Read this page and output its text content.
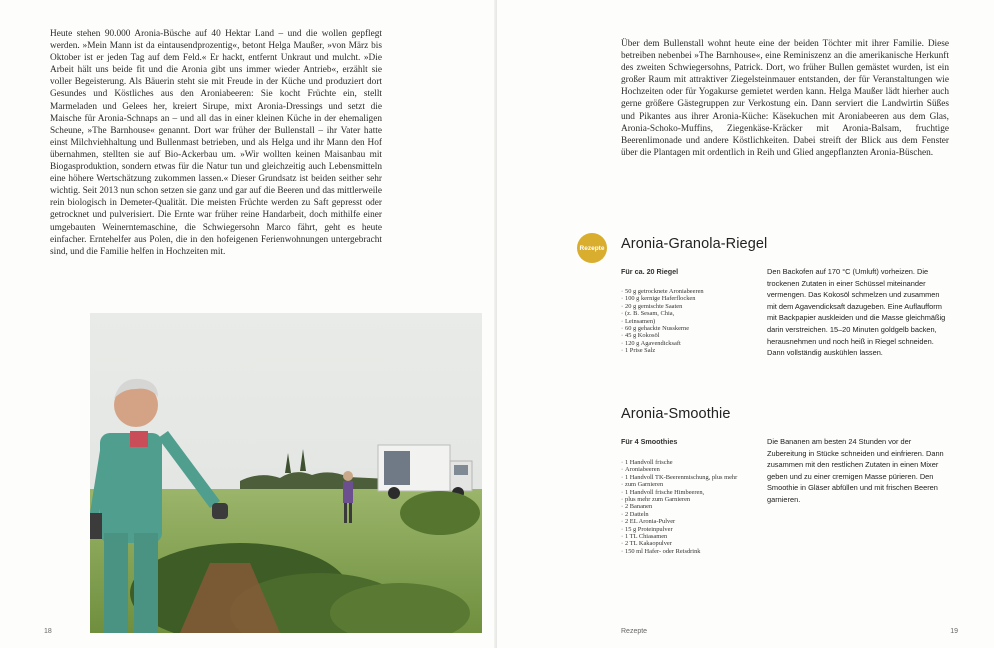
Heute stehen 90.000 Aronia-Büsche auf 40 Hektar Land – und die wollen gepflegt werden. »Mein Mann ist da eintausendprozentig«, betont Helga Maußer, »von März bis Oktober ist er jeden Tag auf dem Feld.« Er hackt, entfernt Unkraut und mulcht. »Die Arbeit hält uns beide fit und die Aronia gibt uns immer wieder Antrieb«, erzählt sie voller Begeisterung. Als Bäuerin steht sie mit Freude in der Küche und produziert dort Gesundes und Köstliches aus den Aroniabeeren: Sie kocht Früchte ein, stellt Marmeladen und Gelees her, kreiert Sirupe, mixt Aronia-Dressings und setzt die Maische für Aronia-Schnaps an – und all das in einer kleinen Küche in der ehemaligen Scheune, »The Barnhouse« genannt. Dort war früher der Bullenstall – ihr Vater hatte einst Milchviehhaltung und Bullenmast betrieben, und als Helga und ihr Mann den Hof übernahmen, stellten sie auf Bio-Ackerbau um. »Wir wollten keinen Maisanbau mit Biogasproduktion, sondern etwas für die Natur tun und gleichzeitig auch Lebensmitteln eine höhere Wertschätzung zukommen lassen.« Dieser Grundsatz ist beiden seither sehr wichtig. Seit 2013 nun schon setzen sie ganz und gar auf die Beeren und das mittlerweile rein biologisch in Demeter-Qualität. Die meisten Früchte werden zu Saft gepresst oder getrocknet und pulverisiert. Die Ernte war früher reine Handarbeit, doch mithilfe einer umgebauten Weinerntemaschine, die Schwiegersohn Marco fährt, geht es heute einfacher. Erntehelfer aus Polen, die in den hofeigenen Ferienwohnungen untergebracht sind, und die Familie helfen in Hochzeiten mit.

18

Über dem Bullenstall wohnt heute eine der beiden Töchter mit ihrer Familie. Diese betreiben nebenbei »The Barnhouse«, eine Reminiszenz an die amerikanische Herkunft des zweiten Schwiegersohns, Patrick. Dort, wo früher Bullen gemästet wurden, ist ein großer Raum mit attraktiver Ziegelsteinmauer entstanden, der für Veranstaltungen wie Hochzeiten oder für Yogakurse gemietet werden kann. Helga Maußer lädt hierher auch gerne größere Gästegruppen zur Verkostung ein. Dann serviert die Landwirtin Süßes und Pikantes aus ihrer Aronia-Küche: Käsekuchen mit Aroniabeeren aus dem Glas, Aronia-Schoko-Muffins, Ziegenkäse-Kräcker mit Aronia-Balsam, fruchtige Beerenlimonade und andere Köstlichkeiten. Dabei streift der Blick aus dem Fenster über die Plantagen mit ordentlich in Reih und Glied angepflanzten Aronia-Büschen.

Rezepte Aronia-Granola-Riegel
Für ca. 20 Riegel
· 50 g getrocknete Aroniabeeren
· 100 g kernige Haferflocken
· 20 g gemischte Saaten
· (z. B. Sesam, Chia,
· Leinsamen)
· 60 g gehackte Nusskerne
· 45 g Kokosöl
· 120 g Agavendicksaft
· 1 Prise Salz
Den Backofen auf 170 °C (Umluft) vorheizen. Die trockenen Zutaten in einer Schüssel miteinander vermengen. Das Kokosöl schmelzen und zusammen mit dem Agavendicksaft dazugeben. Eine Auflaufform mit Backpapier auskleiden und die Masse gleichmäßig darin verstreichen. 15–20 Minuten goldgelb backen, herausnehmen und noch heiß in Riegel schneiden. Dann vollständig auskühlen lassen.
Aronia-Smoothie
Für 4 Smoothies
· 1 Handvoll frische
· Aroniabeeren
· 1 Handvoll TK-Beerenmischung, plus mehr
· zum Garnieren
· 1 Handvoll frische Himbeeren,
· plus mehr zum Garnieren
· 2 Bananen
· 2 Datteln
· 2 EL Aronia-Pulver
· 15 g Proteinpulver
· 1 TL Chiasamen
· 2 TL Kakaopulver
· 150 ml Hafer- oder Reisdrink
Die Bananen am besten 24 Stunden vor der Zubereitung in Stücke schneiden und einfrieren. Dann zusammen mit den restlichen Zutaten in einen Mixer geben und zu einer cremigen Masse pürieren. Den Smoothie in Gläser abfüllen und mit frischen Beeren garnieren.
Rezepte	19
